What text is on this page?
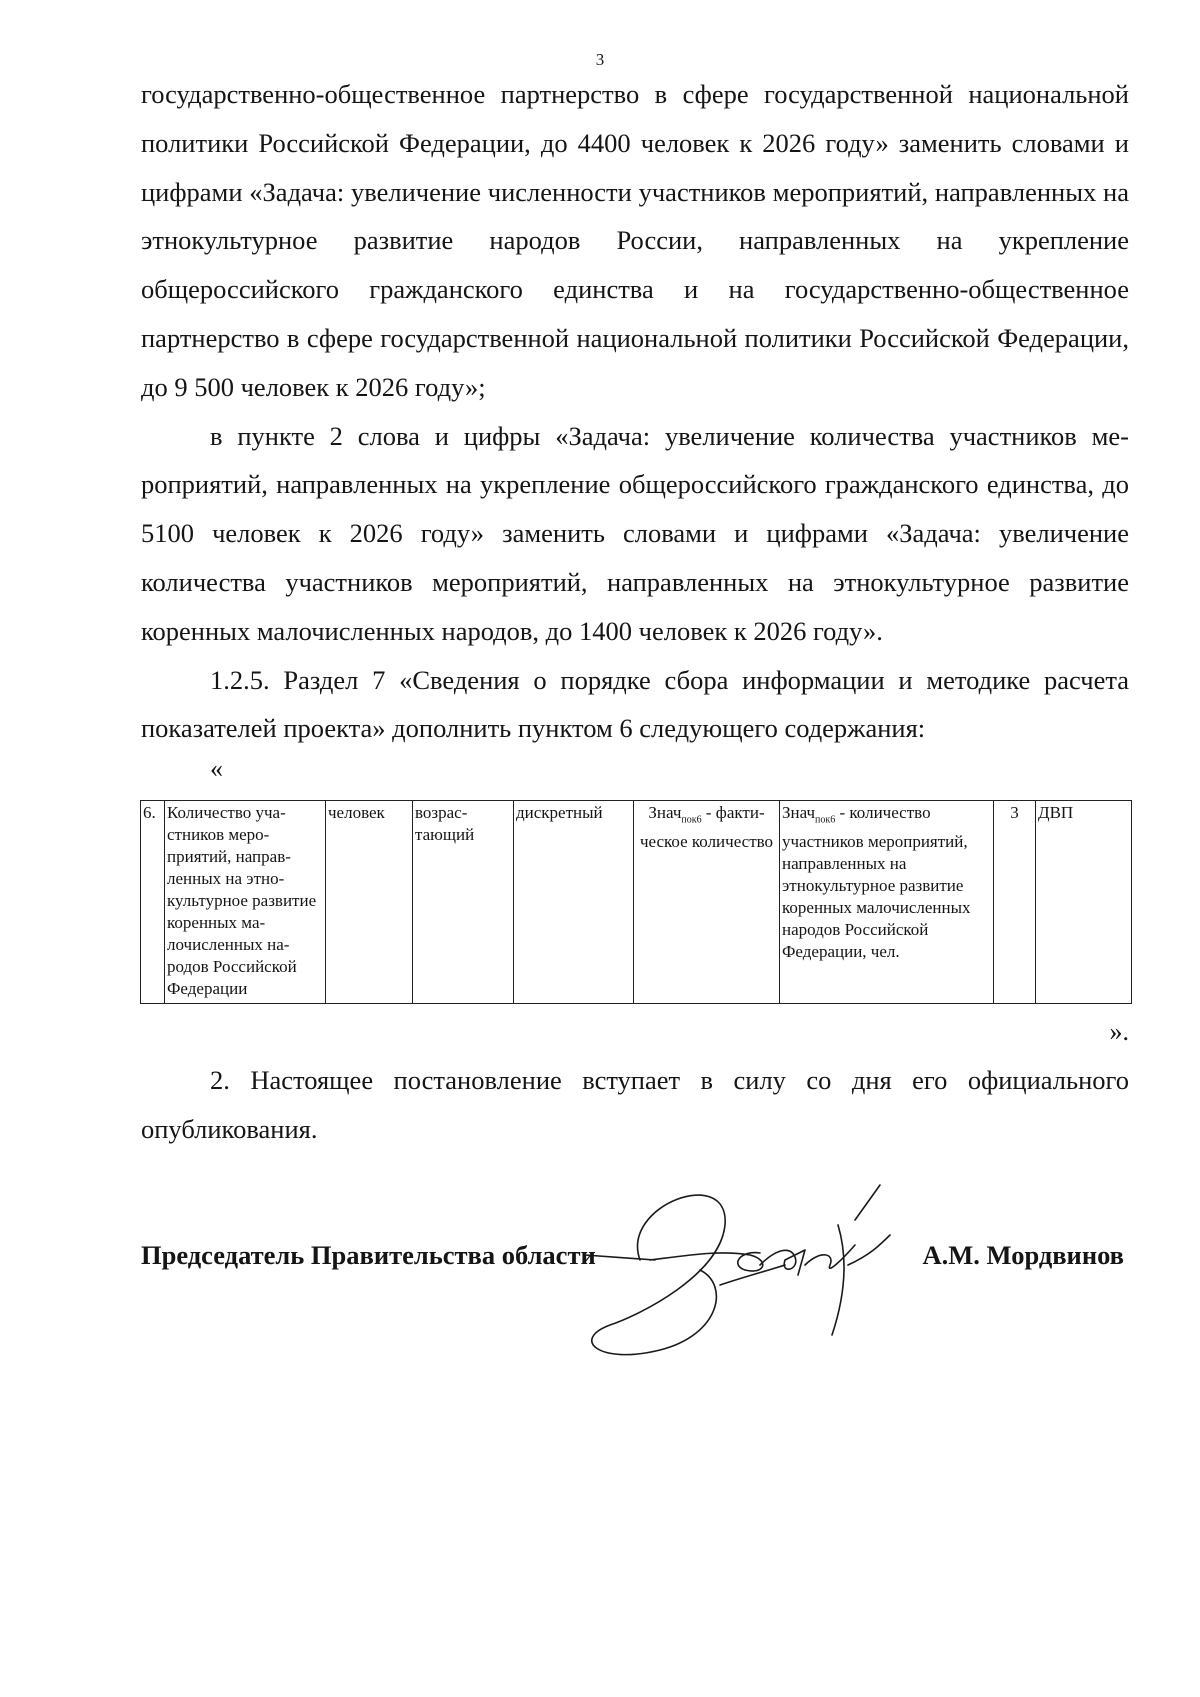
3

государственно-общественное партнерство в сфере государственной национальной политики Российской Федерации, до 4400 человек к 2026 году» заменить словами и цифрами «Задача: увеличение численности участников мероприятий, направленных на этнокультурное развитие народов России, направленных на укрепление общероссийского гражданского единства и на государственно-общественное партнерство в сфере государственной национальной политики Российской Федерации, до 9 500 человек к 2026 году»;

в пункте 2 слова и цифры «Задача: увеличение количества участников мероприятий, направленных на укрепление общероссийского гражданского единства, до 5100 человек к 2026 году» заменить словами и цифрами «Задача: увеличение количества участников мероприятий, направленных на этнокультурное развитие коренных малочисленных народов, до 1400 человек к 2026 году».

1.2.5. Раздел 7 «Сведения о порядке сбора информации и методике расчета показателей проекта» дополнить пунктом 6 следующего содержания:

«
6.	Количество участников мероприятий, направленных на этнокультурное развитие коренных малочисленных народов Российской Федерации	человек	возрастающий	дискретный	Знач$_{пок6}$ - фактическое количество	Знач$_{пок6}$ - количество участников мероприятий, направленных на этнокультурное развитие коренных малочисленных народов Российской Федерации, чел.	3	ДВП
».

2. Настоящее постановление вступает в силу со дня его официального опубликования.

Председатель Правительства области	А.М. Мордвинов
